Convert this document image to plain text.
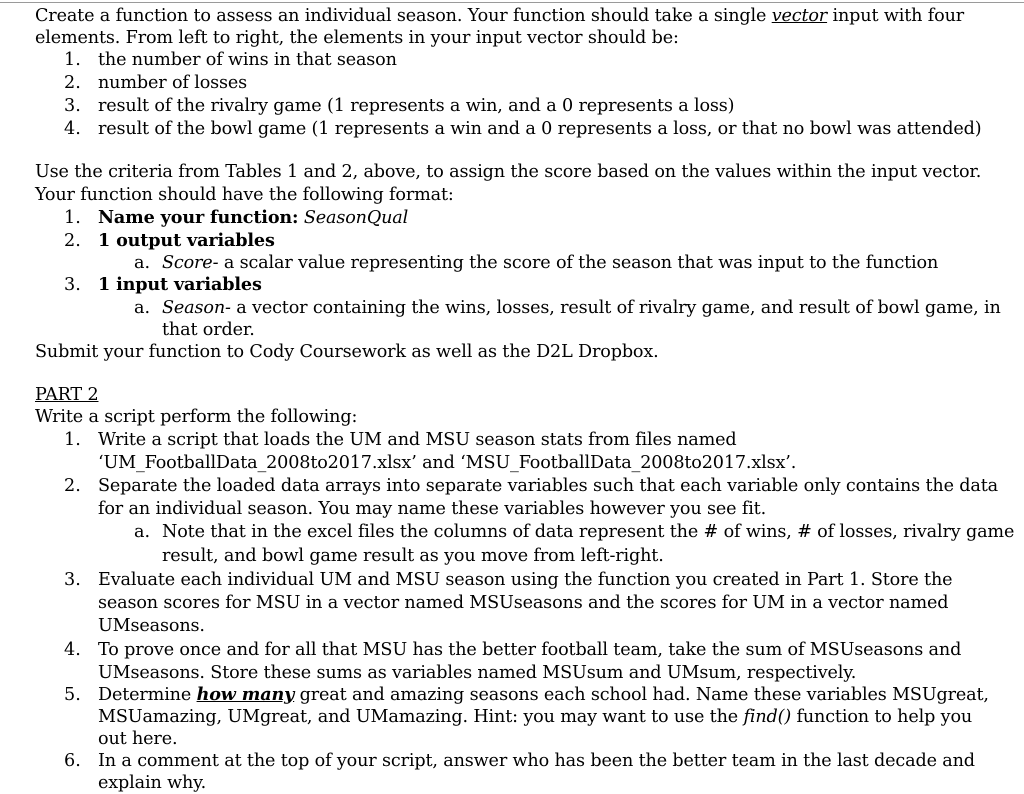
Create a function to assess an individual season. Your function should take a single vector input with four
elements. From left to right, the elements in your input vector should be:
1. the number of wins in that season
2. number of losses
3. result of the rivalry game (1 represents a win, and a 0 represents a loss)
4. result of the bowl game (1 represents a win and a 0 represents a loss, or that no bowl was attended)
Use the criteria from Tables 1 and 2, above, to assign the score based on the values within the input vector.
Your function should have the following format:
1. Name your function: SeasonQual
2. 1 output variables
a. Score- a scalar value representing the score of the season that was input to the function
3. 1 input variables
a. Season- a vector containing the wins, losses, result of rivalry game, and result of bowl game, in
that order.
Submit your function to Cody Coursework as well as the D2L Dropbox.
PART 2
Write a script perform the following:
1. Write a script that loads the UM and MSU season stats from files named
‘UM_FootballData_2008to2017.xlsx’ and ‘MSU_FootballData_2008to2017.xlsx’.
2. Separate the loaded data arrays into separate variables such that each variable only contains the data
for an individual season. You may name these variables however you see fit.
a. Note that in the excel files the columns of data represent the # of wins, # of losses, rivalry game
result, and bowl game result as you move from left-right.
3. Evaluate each individual UM and MSU season using the function you created in Part 1. Store the
season scores for MSU in a vector named MSUseasons and the scores for UM in a vector named
UMseasons.
4. To prove once and for all that MSU has the better football team, take the sum of MSUseasons and
UMseasons. Store these sums as variables named MSUsum and UMsum, respectively.
5. Determine how many great and amazing seasons each school had. Name these variables MSUgreat,
MSUamazing, UMgreat, and UMamazing. Hint: you may want to use the find() function to help you
out here.
6. In a comment at the top of your script, answer who has been the better team in the last decade and
explain why.
